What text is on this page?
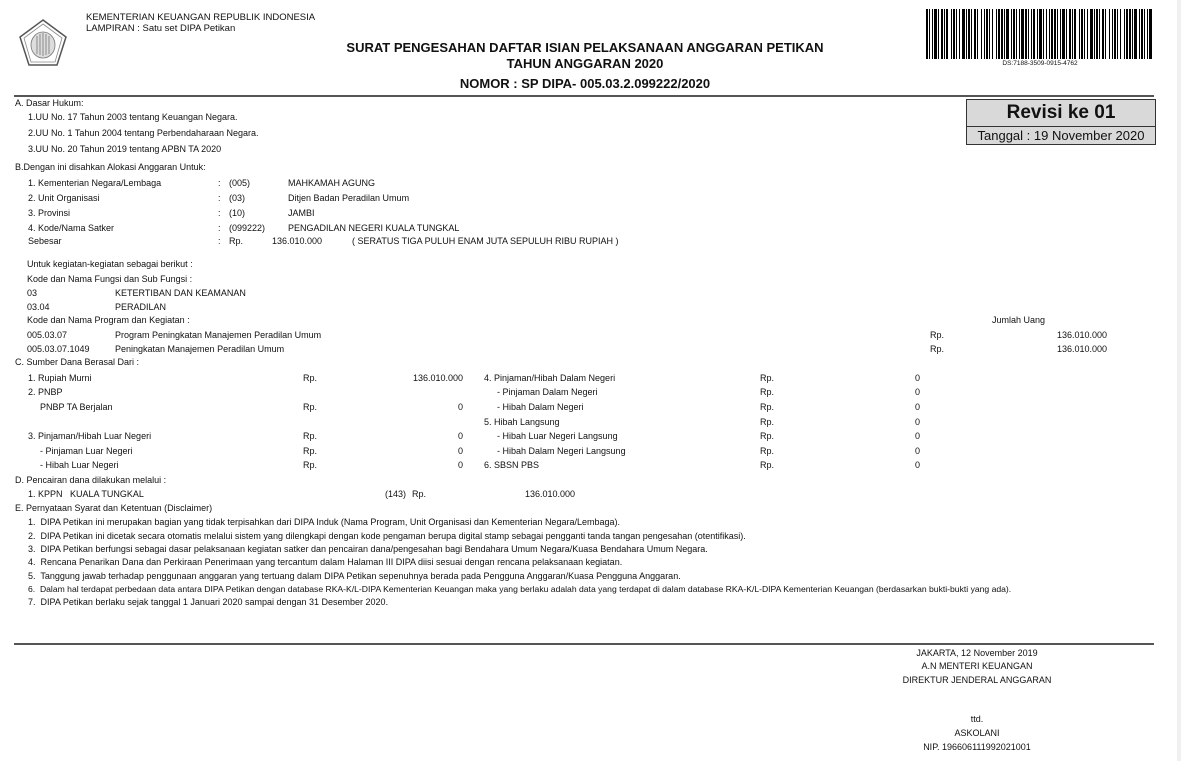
KEMENTERIAN KEUANGAN REPUBLIK INDONESIA
LAMPIRAN : Satu set DIPA Petikan
SURAT PENGESAHAN DAFTAR ISIAN PELAKSANAAN ANGGARAN PETIKAN
TAHUN ANGGARAN 2020
NOMOR : SP DIPA- 005.03.2.099222/2020
DS:7188-3509-0915-4762
Revisi ke 01
Tanggal : 19 November 2020
A. Dasar Hukum:
1.UU No. 17 Tahun 2003 tentang Keuangan Negara.
2.UU No. 1 Tahun 2004 tentang Perbendaharaan Negara.
3.UU No. 20 Tahun 2019 tentang APBN TA 2020
B.Dengan ini disahkan Alokasi Anggaran Untuk:
1. Kementerian Negara/Lembaga	: (005)	MAHKAMAH AGUNG
2. Unit Organisasi	: (03)	Ditjen Badan Peradilan Umum
3. Provinsi	: (10)	JAMBI
4. Kode/Nama Satker	: (099222)	PENGADILAN NEGERI KUALA TUNGKAL
Sebesar	: Rp.	136.010.000	( SERATUS TIGA PULUH ENAM JUTA SEPULUH RIBU RUPIAH )
Untuk kegiatan-kegiatan sebagai berikut :
Kode dan Nama Fungsi dan Sub Fungsi :
03	KETERTIBAN DAN KEAMANAN
03.04	PERADILAN
Kode dan Nama Program dan Kegiatan :	Jumlah Uang
005.03.07	Program Peningkatan Manajemen Peradilan Umum	Rp.	136.010.000
005.03.07.1049	Peningkatan Manajemen Peradilan Umum	Rp.	136.010.000
C. Sumber Dana Berasal Dari :
1. Rupiah Murni	Rp.	136.010.000
2. PNBP
PNBP TA Berjalan	Rp.	0
3. Pinjaman/Hibah Luar Negeri	Rp.	0
- Pinjaman Luar Negeri	Rp.	0
- Hibah Luar Negeri	Rp.	0
4. Pinjaman/Hibah Dalam Negeri	Rp.	0
- Pinjaman Dalam Negeri	Rp.	0
- Hibah Dalam Negeri	Rp.	0
5. Hibah Langsung	Rp.	0
- Hibah Luar Negeri Langsung	Rp.	0
- Hibah Dalam Negeri Langsung	Rp.	0
6. SBSN PBS	Rp.	0
D. Pencairan dana dilakukan melalui :
1. KPPN   KUALA TUNGKAL	(143) Rp.	136.010.000
E. Pernyataan Syarat dan Ketentuan (Disclaimer)
1.  DIPA Petikan ini merupakan bagian yang tidak terpisahkan dari DIPA Induk (Nama Program, Unit Organisasi dan Kementerian Negara/Lembaga).
2.  DIPA Petikan ini dicetak secara otomatis melalui sistem yang dilengkapi dengan kode pengaman berupa digital stamp sebagai pengganti tanda tangan pengesahan (otentifikasi).
3.  DIPA Petikan berfungsi sebagai dasar pelaksanaan kegiatan satker dan pencairan dana/pengesahan bagi Bendahara Umum Negara/Kuasa Bendahara Umum Negara.
4.  Rencana Penarikan Dana dan Perkiraan Penerimaan yang tercantum dalam Halaman III DIPA diisi sesuai dengan rencana pelaksanaan kegiatan.
5.  Tanggung jawab terhadap penggunaan anggaran yang tertuang dalam DIPA Petikan sepenuhnya berada pada Pengguna Anggaran/Kuasa Pengguna Anggaran.
6.  Dalam hal terdapat perbedaan data antara DIPA Petikan dengan database RKA-K/L-DIPA Kementerian Keuangan maka yang berlaku adalah data yang terdapat di dalam database RKA-K/L-DIPA Kementerian Keuangan (berdasarkan bukti-bukti yang ada).
7.  DIPA Petikan berlaku sejak tanggal 1 Januari 2020 sampai dengan 31 Desember 2020.
JAKARTA, 12 November 2019
A.N MENTERI KEUANGAN
DIREKTUR JENDERAL ANGGARAN
ttd.
ASKOLANI
NIP. 196606111992021001
